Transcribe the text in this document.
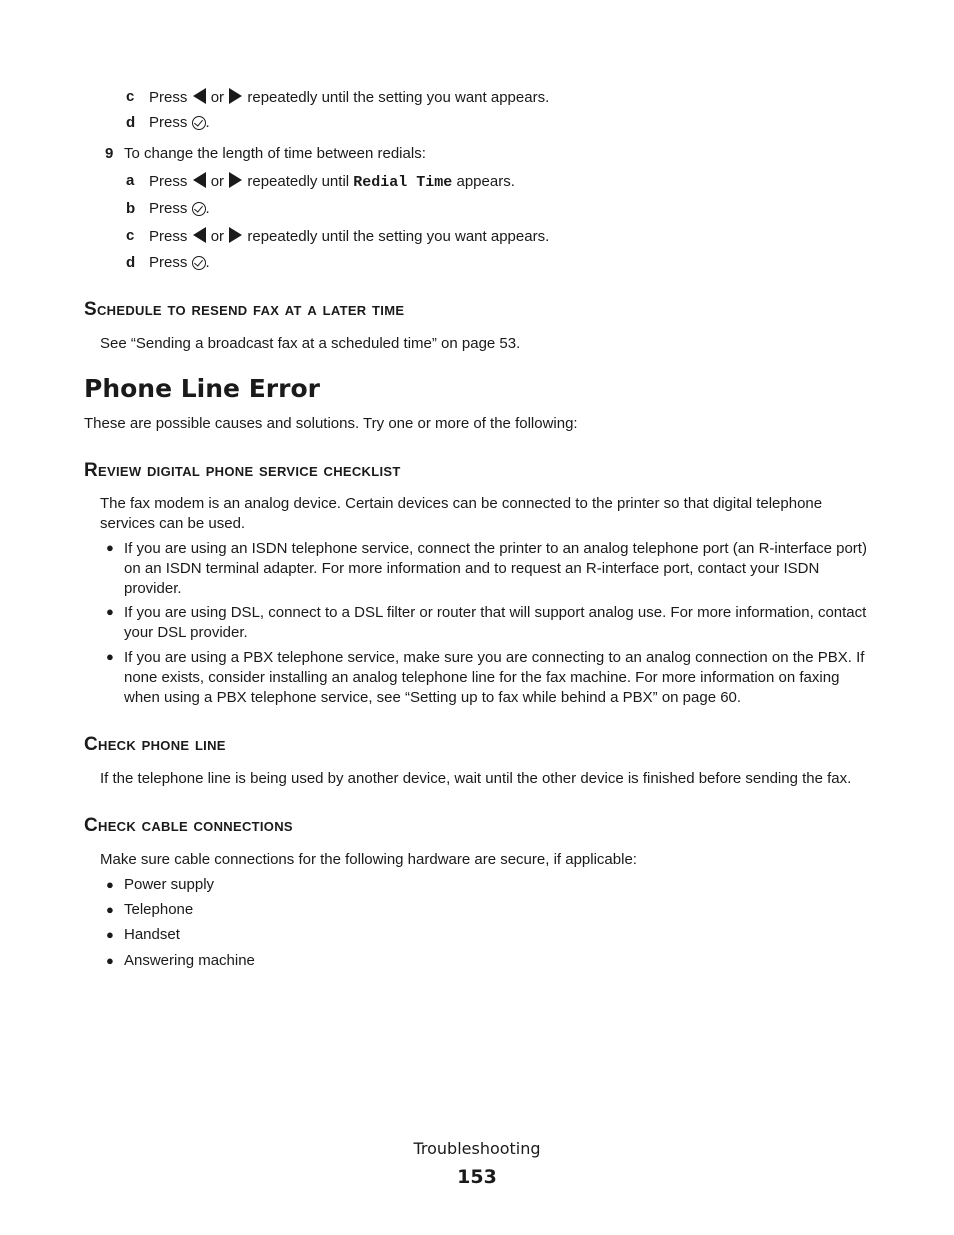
c Press or repeatedly until the setting you want appears.
d Press .
9 To change the length of time between redials:
a Press or repeatedly until Redial Time appears.
b Press .
c Press or repeatedly until the setting you want appears.
d Press .
Schedule to resend fax at a later time
See “Sending a broadcast fax at a scheduled time” on page 53.
Phone Line Error
These are possible causes and solutions. Try one or more of the following:
Review digital phone service checklist
The fax modem is an analog device. Certain devices can be connected to the printer so that digital telephone services can be used.
● If you are using an ISDN telephone service, connect the printer to an analog telephone port (an R-interface port) on an ISDN terminal adapter. For more information and to request an R-interface port, contact your ISDN provider.
● If you are using DSL, connect to a DSL filter or router that will support analog use. For more information, contact your DSL provider.
● If you are using a PBX telephone service, make sure you are connecting to an analog connection on the PBX. If none exists, consider installing an analog telephone line for the fax machine. For more information on faxing when using a PBX telephone service, see “Setting up to fax while behind a PBX” on page 60.
Check phone line
If the telephone line is being used by another device, wait until the other device is finished before sending the fax.
Check cable connections
Make sure cable connections for the following hardware are secure, if applicable:
● Power supply
● Telephone
● Handset
● Answering machine
Troubleshooting
153
